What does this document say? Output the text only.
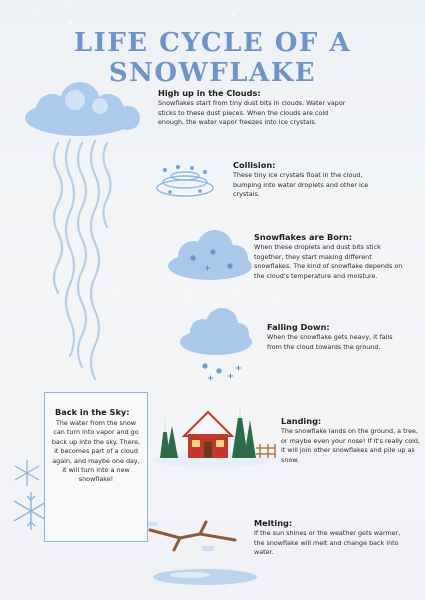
LIFE CYCLE OF A SNOWFLAKE
High up in the Clouds:

Snowflakes start from tiny dust bits in clouds. Water vapor sticks to these dust pieces. When the clouds are cold enough, the water vapor freezes into ice crystals.

Collision:

These tiny ice crystals float in the cloud, bumping into water droplets and other ice crystals.

Snowflakes are Born:

When these droplets and dust bits stick together, they start making different snowflakes. The kind of snowflake depends on the cloud's temperature and moisture.

Falling Down:

When the snowflake gets heavy, it falls from the cloud towards the ground.

Landing:

The snowflake lands on the ground, a tree, or maybe even your nose! If it's really cold, it will join other snowflakes and pile up as snow.

Melting:

If the sun shines or the weather gets warmer, the snowflake will melt and change back into water.

Back in the Sky:

The water from the snow can turn into vapor and go back up into the sky. There, it becomes part of a cloud again, and maybe one day, it will turn into a new snowflake!
